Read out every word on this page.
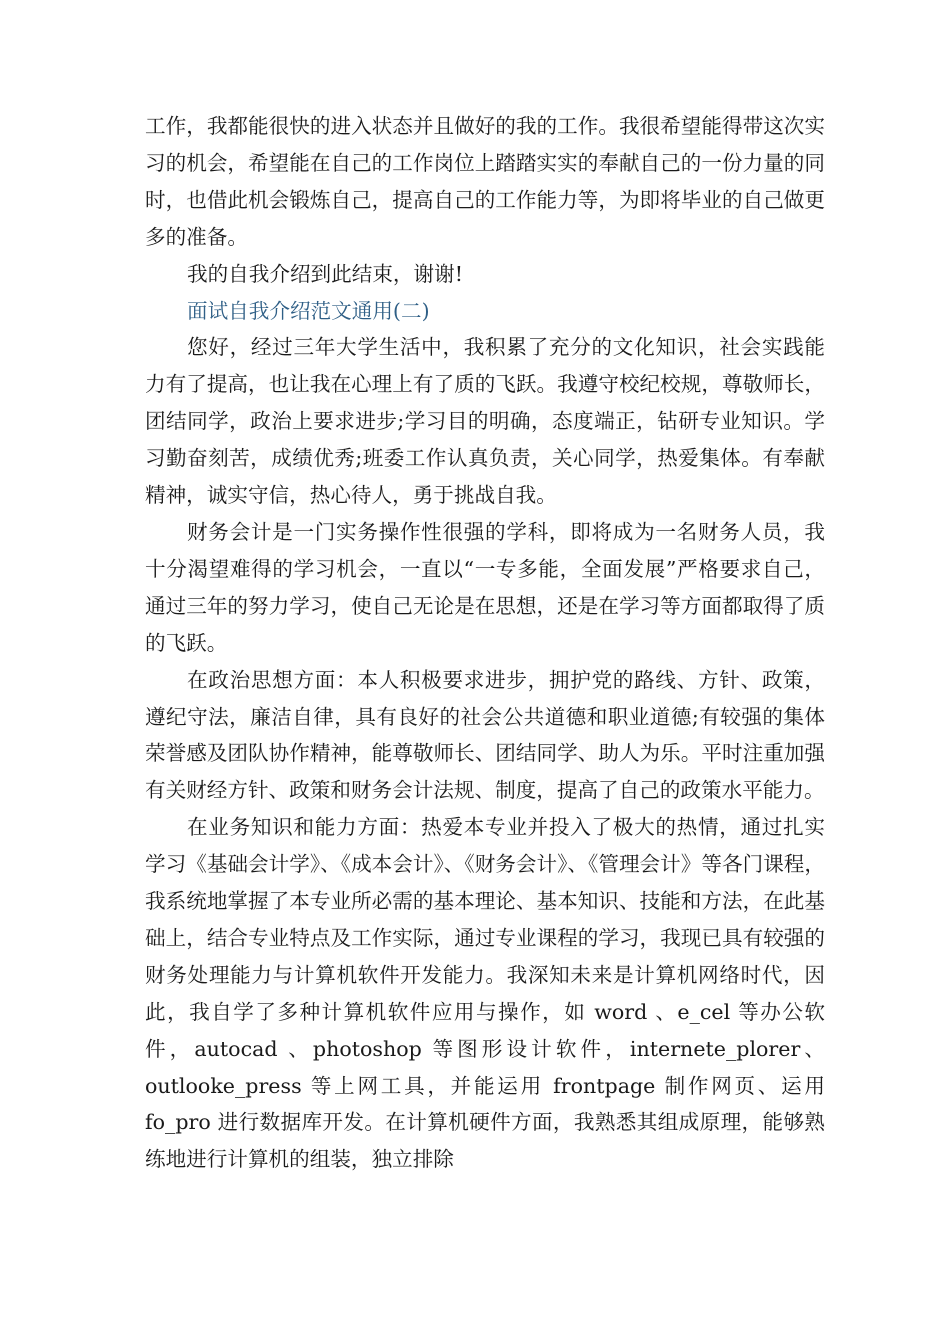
工作，我都能很快的进入状态并且做好的我的工作。我很希望能得带这次实习的机会，希望能在自己的工作岗位上踏踏实实的奉献自己的一份力量的同时，也借此机会锻炼自己，提高自己的工作能力等，为即将毕业的自己做更多的准备。

我的自我介绍到此结束，谢谢!

面试自我介绍范文通用(二)

您好，经过三年大学生活中，我积累了充分的文化知识，社会实践能力有了提高，也让我在心理上有了质的飞跃。我遵守校纪校规，尊敬师长，团结同学，政治上要求进步;学习目的明确，态度端正，钻研专业知识。学习勤奋刻苦，成绩优秀;班委工作认真负责，关心同学，热爱集体。有奉献精神，诚实守信，热心待人，勇于挑战自我。

财务会计是一门实务操作性很强的学科，即将成为一名财务人员，我十分渴望难得的学习机会，一直以“一专多能，全面发展”严格要求自己，通过三年的努力学习，使自己无论是在思想，还是在学习等方面都取得了质的飞跃。

在政治思想方面：本人积极要求进步，拥护党的路线、方针、政策，遵纪守法，廉洁自律，具有良好的社会公共道德和职业道德;有较强的集体荣誉感及团队协作精神，能尊敬师长、团结同学、助人为乐。平时注重加强有关财经方针、政策和财务会计法规、制度，提高了自己的政策水平能力。

在业务知识和能力方面：热爱本专业并投入了极大的热情，通过扎实学习《基础会计学》、《成本会计》、《财务会计》、《管理会计》等各门课程，我系统地掌握了本专业所必需的基本理论、基本知识、技能和方法，在此基础上，结合专业特点及工作实际，通过专业课程的学习，我现已具有较强的财务处理能力与计算机软件开发能力。我深知未来是计算机网络时代，因此，我自学了多种计算机软件应用与操作，如 word 、e_cel 等办公软件，autocad 、photoshop 等图形设计软件，internete_plorer、outlooke_press 等上网工具，并能运用 frontpage 制作网页、运用 fo_pro 进行数据库开发。在计算机硬件方面，我熟悉其组成原理，能够熟练地进行计算机的组装，独立排除
